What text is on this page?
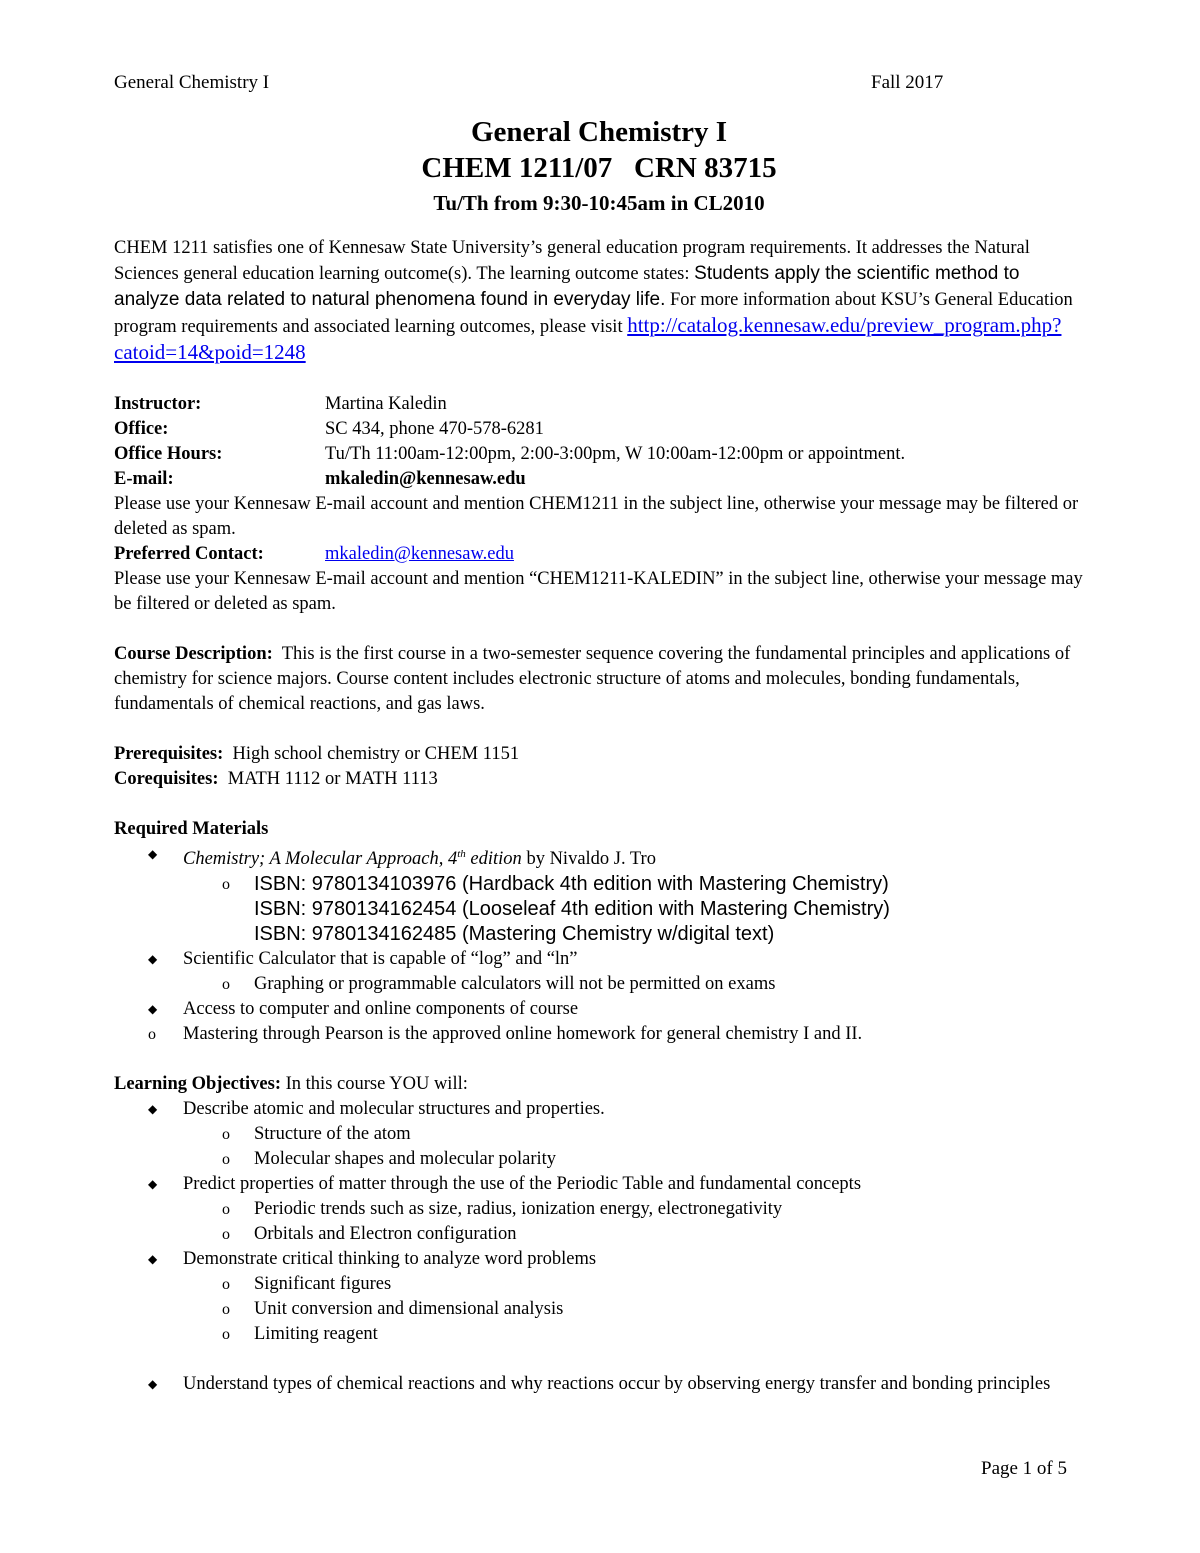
General Chemistry I	Fall 2017
General Chemistry I
CHEM 1211/07   CRN 83715
Tu/Th from 9:30-10:45am in CL2010

CHEM 1211 satisfies one of Kennesaw State University’s general education program requirements. It addresses the Natural Sciences general education learning outcome(s). The learning outcome states: Students apply the scientific method to analyze data related to natural phenomena found in everyday life. For more information about KSU’s General Education program requirements and associated learning outcomes, please visit http://catalog.kennesaw.edu/preview_program.php?catoid=14&poid=1248

Instructor:	Martina Kaledin
Office:	SC 434, phone 470-578-6281
Office Hours:	Tu/Th 11:00am-12:00pm, 2:00-3:00pm, W 10:00am-12:00pm or appointment.
E-mail:	mkaledin@kennesaw.edu

Please use your Kennesaw E-mail account and mention CHEM1211 in the subject line, otherwise your message may be filtered or deleted as spam.

Preferred Contact:	mkaledin@kennesaw.edu

Please use your Kennesaw E-mail account and mention “CHEM1211-KALEDIN” in the subject line, otherwise your message may be filtered or deleted as spam.

Course Description:  This is the first course in a two-semester sequence covering the fundamental principles and applications of chemistry for science majors. Course content includes electronic structure of atoms and molecules, bonding fundamentals, fundamentals of chemical reactions, and gas laws.

Prerequisites:  High school chemistry or CHEM 1151

Corequisites:  MATH 1112 or MATH 1113

Required Materials

◆ Chemistry; A Molecular Approach, 4th edition by Nivaldo J. Tro
o ISBN: 9780134103976 (Hardback 4th edition with Mastering Chemistry)
ISBN: 9780134162454 (Looseleaf 4th edition with Mastering Chemistry)
ISBN: 9780134162485 (Mastering Chemistry w/digital text)
◆ Scientific Calculator that is capable of “log” and “ln”
o Graphing or programmable calculators will not be permitted on exams
◆ Access to computer and online components of course
o Mastering through Pearson is the approved online homework for general chemistry I and II.

Learning Objectives: In this course YOU will:

◆ Describe atomic and molecular structures and properties.
o Structure of the atom
o Molecular shapes and molecular polarity
◆ Predict properties of matter through the use of the Periodic Table and fundamental concepts
o Periodic trends such as size, radius, ionization energy, electronegativity
o Orbitals and Electron configuration
◆ Demonstrate critical thinking to analyze word problems
o Significant figures
o Unit conversion and dimensional analysis
o Limiting reagent
◆ Understand types of chemical reactions and why reactions occur by observing energy transfer and bonding principles
Page 1 of 5
